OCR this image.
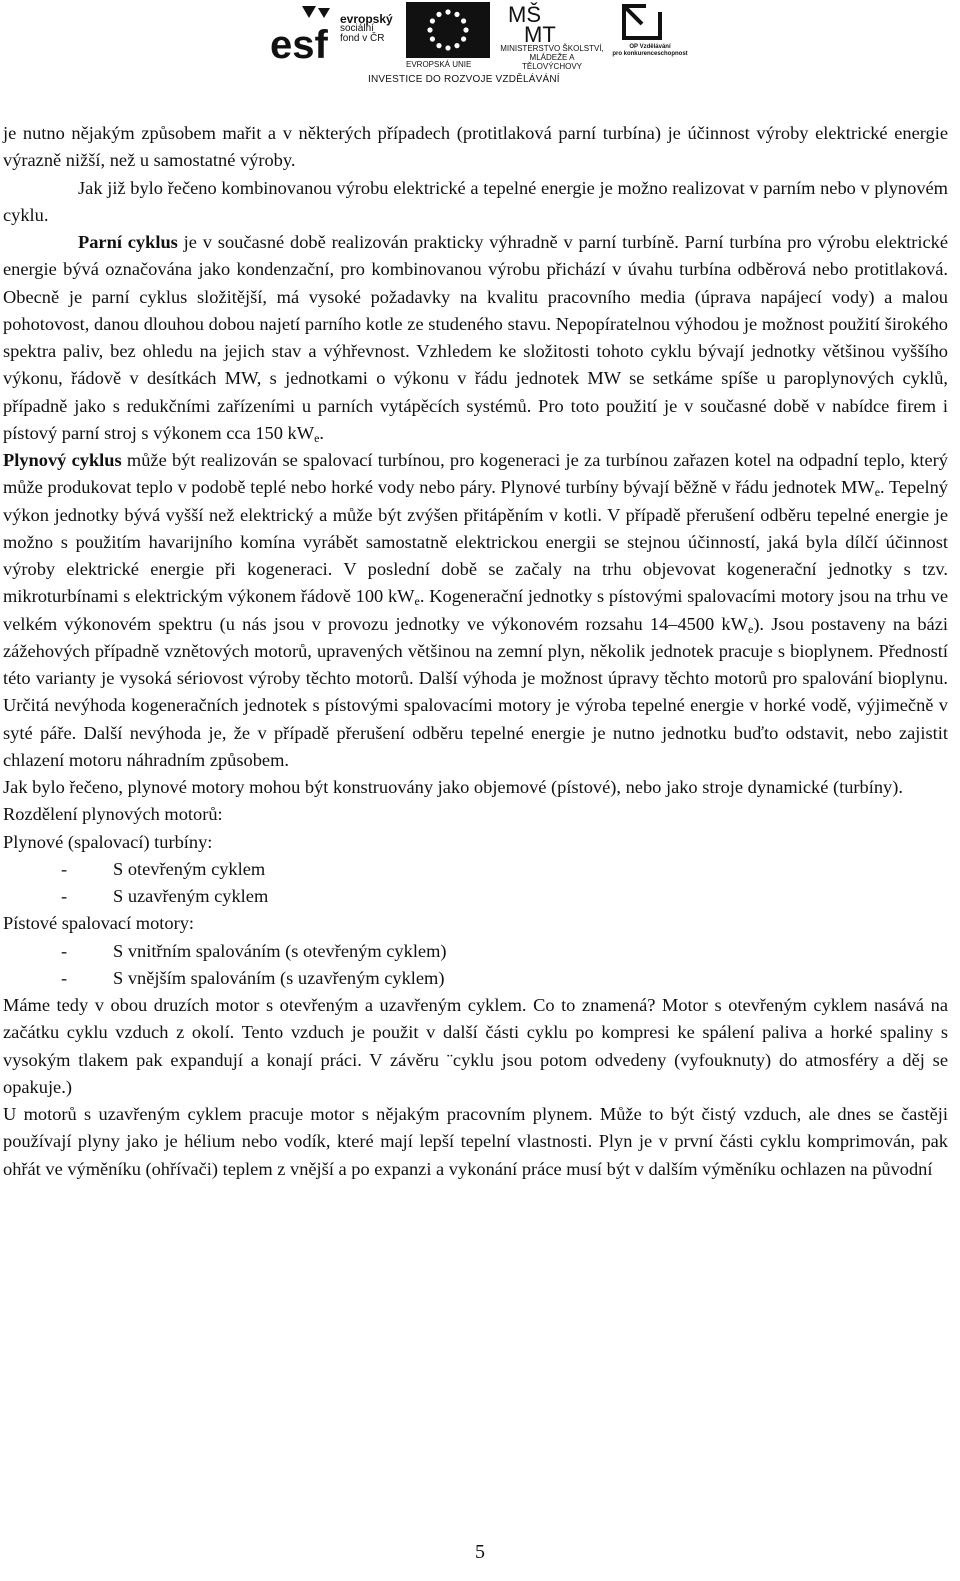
esf
evropský
sociální
fond v ČR
EVROPSKÁ UNIE
MŠ
MT
MINISTERSTVO ŠKOLSTVÍ,
MLÁDEŽE A TĚLOVÝCHOVY
OP Vzdělávání
pro konkurenceschopnost
INVESTICE DO ROZVOJE VZDĚLÁVÁNÍ

je nutno nějakým způsobem mařit a v některých případech (protitlaková parní turbína) je účinnost výroby elektrické energie výrazně nižší, než u samostatné výroby.

Jak již bylo řečeno kombinovanou výrobu elektrické a tepelné energie je možno realizovat v parním nebo v plynovém cyklu.

Parní cyklus je v současné době realizován prakticky výhradně v parní turbíně. Parní turbína pro výrobu elektrické energie bývá označována jako kondenzační, pro kombinovanou výrobu přichází v úvahu turbína odběrová nebo protitlaková. Obecně je parní cyklus složitější, má vysoké požadavky na kvalitu pracovního media (úprava napájecí vody) a malou pohotovost, danou dlouhou dobou najetí parního kotle ze studeného stavu. Nepopíratelnou výhodou je možnost použití širokého spektra paliv, bez ohledu na jejich stav a výhřevnost. Vzhledem ke složitosti tohoto cyklu bývají jednotky většinou vyššího výkonu, řádově v desítkách MW, s jednotkami o výkonu v řádu jednotek MW se setkáme spíše u paroplynových cyklů, případně jako s redukčními zařízeními u parních vytápěcích systémů. Pro toto použití je v současné době v nabídce firem i pístový parní stroj s výkonem cca 150 $kW_e$.

Plynový cyklus může být realizován se spalovací turbínou, pro kogeneraci je za turbínou zařazen kotel na odpadní teplo, který může produkovat teplo v podobě teplé nebo horké vody nebo páry. Plynové turbíny bývají běžně v řádu jednotek $MW_e$. Tepelný výkon jednotky bývá vyšší než elektrický a může být zvýšen přitápěním v kotli. V případě přerušení odběru tepelné energie je možno s použitím havarijního komína vyrábět samostatně elektrickou energii se stejnou účinností, jaká byla dílčí účinnost výroby elektrické energie při kogeneraci. V poslední době se začaly na trhu objevovat kogenerační jednotky s tzv. mikroturbínami s elektrickým výkonem řádově 100 $kW_e$. Kogenerační jednotky s pístovými spalovacími motory jsou na trhu ve velkém výkonovém spektru (u nás jsou v provozu jednotky ve výkonovém rozsahu 14–4500 $kW_e$). Jsou postaveny na bázi zážehových případně vznětových motorů, upravených většinou na zemní plyn, několik jednotek pracuje s bioplynem. Předností této varianty je vysoká sériovost výroby těchto motorů. Další výhoda je možnost úpravy těchto motorů pro spalování bioplynu. Určitá nevýhoda kogeneračních jednotek s pístovými spalovacími motory je výroba tepelné energie v horké vodě, výjimečně v syté páře. Další nevýhoda je, že v případě přerušení odběru tepelné energie je nutno jednotku buďto odstavit, nebo zajistit chlazení motoru náhradním způsobem.

Jak bylo řečeno, plynové motory mohou být konstruovány jako objemové (pístové), nebo jako stroje dynamické (turbíny).

Rozdělení plynových motorů:

Plynové (spalovací) turbíny:

- S otevřeným cyklem
- S uzavřeným cyklem

Pístové spalovací motory:

- S vnitřním spalováním (s otevřeným cyklem)
- S vnějším spalováním (s uzavřeným cyklem)

Máme tedy v obou druzích motor s otevřeným a uzavřeným cyklem. Co to znamená? Motor s otevřeným cyklem nasává na začátku cyklu vzduch z okolí. Tento vzduch je použit v další části cyklu po kompresi ke spálení paliva a horké spaliny s vysokým tlakem pak expandují a konají práci. V závěru ¨cyklu jsou potom odvedeny (vyfouknuty) do atmosféry a děj se opakuje.)

U motorů s uzavřeným cyklem pracuje motor s nějakým pracovním plynem. Může to být čistý vzduch, ale dnes se častěji používají plyny jako je hélium nebo vodík, které mají lepší tepelní vlastnosti. Plyn je v první části cyklu komprimován, pak ohřát ve výměníku (ohřívači) teplem z vnější a po expanzi a vykonání práce musí být v dalším výměníku ochlazen na původní

5
